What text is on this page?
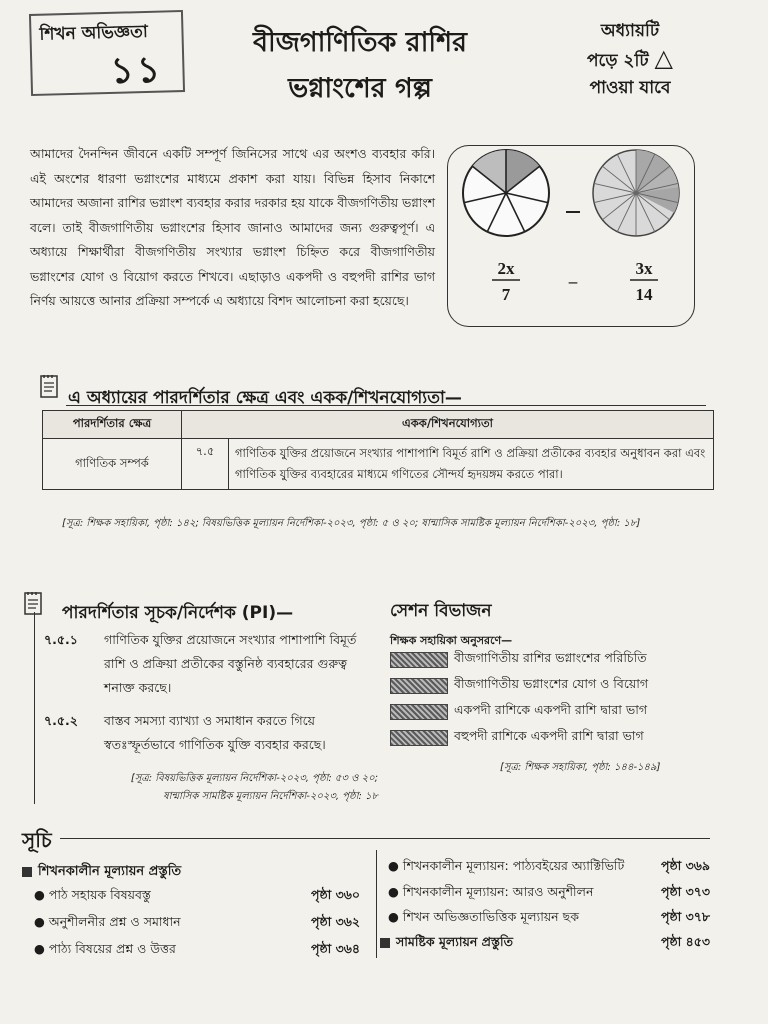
শিখন অভিজ্ঞতা
১১
বীজগাণিতিক রাশির
ভগ্নাংশের গল্প
অধ্যায়টি
পড়ে ২টি △
পাওয়া যাবে
আমাদের দৈনন্দিন জীবনে একটি সম্পূর্ণ জিনিসের সাথে এর অংশও ব্যবহার করি। এই অংশের ধারণা ভগ্নাংশের মাধ্যমে প্রকাশ করা যায়। বিভিন্ন হিসাব নিকাশে আমাদের অজানা রাশির ভগ্নাংশ ব্যবহার করার দরকার হয় যাকে বীজগণিতীয় ভগ্নাংশ বলে। তাই বীজগাণিতীয় ভগ্নাংশের হিসাব জানাও আমাদের জন্য গুরুত্বপূর্ণ। এ অধ্যায়ে শিক্ষার্থীরা বীজগণিতীয় সংখ্যার ভগ্নাংশ চিহ্নিত করে বীজগাণিতীয় ভগ্নাংশের যোগ ও বিয়োগ করতে শিখবে। এছাড়াও একপদী ও বহুপদী রাশির ভাগ নির্ণয় আয়ত্তে আনার প্রক্রিয়া সম্পর্কে এ অধ্যায়ে বিশদ আলোচনা করা হয়েছে।
2x
7
–
3x
14
এ অধ্যায়ের পারদর্শিতার ক্ষেত্র এবং একক/শিখনযোগ্যতা—
পারদর্শিতার ক্ষেত্র	একক/শিখনযোগ্যতা	
গাণিতিক সম্পর্ক	৭.৫	গাণিতিক যুক্তির প্রয়োজনে সংখ্যার পাশাপাশি বিমূর্ত রাশি ও প্রক্রিয়া প্রতীকের ব্যবহার অনুধাবন করা এবং গাণিতিক যুক্তির ব্যবহারের মাধ্যমে গণিতের সৌন্দর্য হৃদয়ঙ্গম করতে পারা।
[সূত্র: শিক্ষক সহায়িকা, পৃষ্ঠা: ১৪২; বিষয়ভিত্তিক মূল্যায়ন নির্দেশিকা-২০২৩, পৃষ্ঠা: ৫ ও ২০; ষান্মাসিক সামষ্টিক মূল্যায়ন নির্দেশিকা-২০২৩, পৃষ্ঠা: ১৮]
পারদর্শিতার সূচক/নির্দেশক (PI)—
৭.৫.১	গাণিতিক যুক্তির প্রয়োজনে সংখ্যার পাশাপাশি বিমূর্ত রাশি ও প্রক্রিয়া প্রতীকের বস্তুনিষ্ঠ ব্যবহারের গুরুত্ব শনাক্ত করছে।
৭.৫.২	বাস্তব সমস্যা ব্যাখ্যা ও সমাধান করতে গিয়ে স্বতঃস্ফূর্তভাবে গাণিতিক যুক্তি ব্যবহার করছে।
[সূত্র: বিষয়ভিত্তিক মূল্যায়ন নির্দেশিকা-২০২৩, পৃষ্ঠা: ৫৩ ও ২০;
ষান্মাসিক সামষ্টিক মূল্যায়ন নির্দেশিকা-২০২৩, পৃষ্ঠা: ১৮
সেশন বিভাজন
শিক্ষক সহায়িকা অনুসরণে—
বীজগাণিতীয় রাশির ভগ্নাংশের পরিচিতি
বীজগাণিতীয় ভগ্নাংশের যোগ ও বিয়োগ
একপদী রাশিকে একপদী রাশি দ্বারা ভাগ
বহুপদী রাশিকে একপদী রাশি দ্বারা ভাগ
[সূত্র: শিক্ষক সহায়িকা, পৃষ্ঠা: ১৪৪-১৪৯]
সূচি
শিখনকালীন মূল্যায়ন প্রস্তুতি
● পাঠ সহায়ক বিষয়বস্তু	পৃষ্ঠা ৩৬০
● অনুশীলনীর প্রশ্ন ও সমাধান	পৃষ্ঠা ৩৬২
● পাঠ্য বিষয়ের প্রশ্ন ও উত্তর	পৃষ্ঠা ৩৬৪
● শিখনকালীন মূল্যায়ন: পাঠ্যবইয়ের অ্যাক্টিভিটি	পৃষ্ঠা ৩৬৯
● শিখনকালীন মূল্যায়ন: আরও অনুশীলন	পৃষ্ঠা ৩৭৩
● শিখন অভিজ্ঞতাভিত্তিক মূল্যায়ন ছক	পৃষ্ঠা ৩৭৮
সামষ্টিক মূল্যায়ন প্রস্তুতি	পৃষ্ঠা ৪৫৩
